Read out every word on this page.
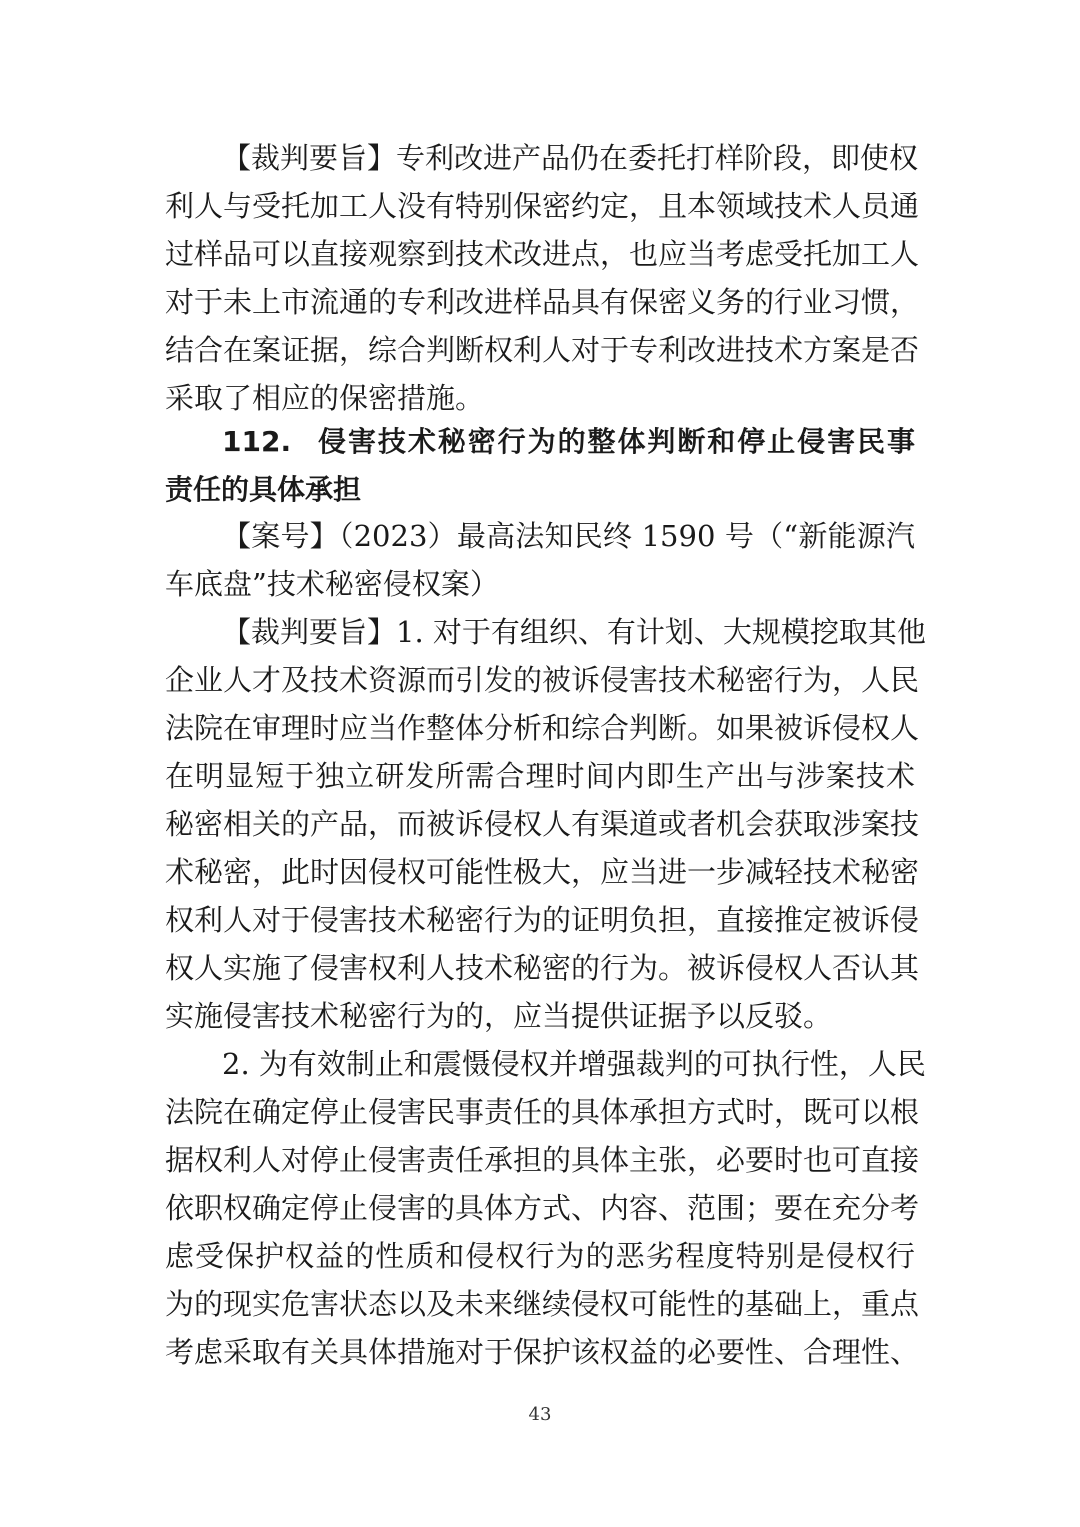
【裁判要旨】专利改进产品仍在委托打样阶段，即使权
利人与受托加工人没有特别保密约定，且本领域技术人员通
过样品可以直接观察到技术改进点，也应当考虑受托加工人
对于未上市流通的专利改进样品具有保密义务的行业习惯，
结合在案证据，综合判断权利人对于专利改进技术方案是否
采取了相应的保密措施。
112. 侵害技术秘密行为的整体判断和停止侵害民事
责任的具体承担
【案号】（2023）最高法知民终 1590 号（“新能源汽
车底盘”技术秘密侵权案）
【裁判要旨】1. 对于有组织、有计划、大规模挖取其他
企业人才及技术资源而引发的被诉侵害技术秘密行为，人民
法院在审理时应当作整体分析和综合判断。如果被诉侵权人
在明显短于独立研发所需合理时间内即生产出与涉案技术
秘密相关的产品，而被诉侵权人有渠道或者机会获取涉案技
术秘密，此时因侵权可能性极大，应当进一步减轻技术秘密
权利人对于侵害技术秘密行为的证明负担，直接推定被诉侵
权人实施了侵害权利人技术秘密的行为。被诉侵权人否认其
实施侵害技术秘密行为的，应当提供证据予以反驳。
2. 为有效制止和震慑侵权并增强裁判的可执行性，人民
法院在确定停止侵害民事责任的具体承担方式时，既可以根
据权利人对停止侵害责任承担的具体主张，必要时也可直接
依职权确定停止侵害的具体方式、内容、范围；要在充分考
虑受保护权益的性质和侵权行为的恶劣程度特别是侵权行
为的现实危害状态以及未来继续侵权可能性的基础上，重点
考虑采取有关具体措施对于保护该权益的必要性、合理性、
43
